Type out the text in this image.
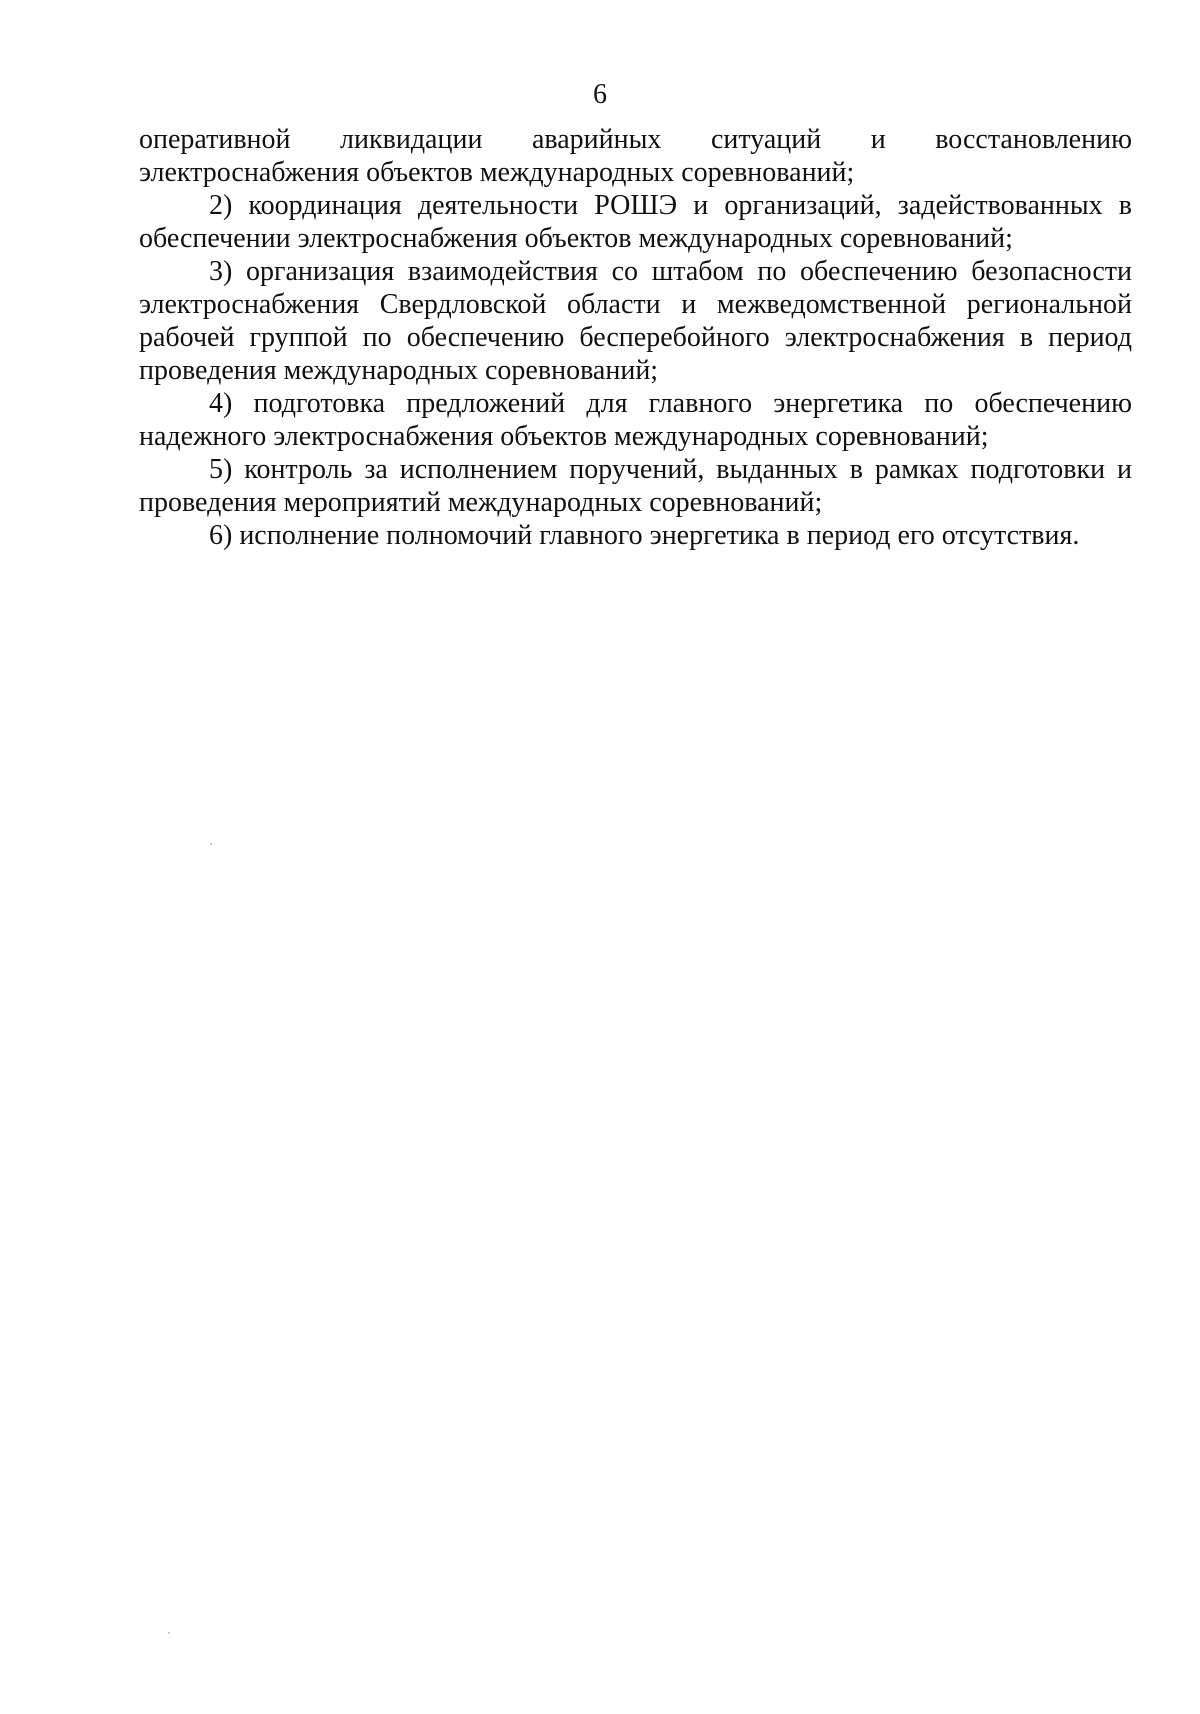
6

оперативной ликвидации аварийных ситуаций и восстановлению
электроснабжения объектов международных соревнований;

2) координация деятельности РОШЭ и организаций, задействованных в обеспечении электроснабжения объектов международных соревнований;

3) организация взаимодействия со штабом по обеспечению безопасности электроснабжения Свердловской области и межведомственной региональной рабочей группой по обеспечению бесперебойного электроснабжения в период проведения международных соревнований;

4) подготовка предложений для главного энергетика по обеспечению надежного электроснабжения объектов международных соревнований;

5) контроль за исполнением поручений, выданных в рамках подготовки и проведения мероприятий международных соревнований;

6) исполнение полномочий главного энергетика в период его отсутствия.
